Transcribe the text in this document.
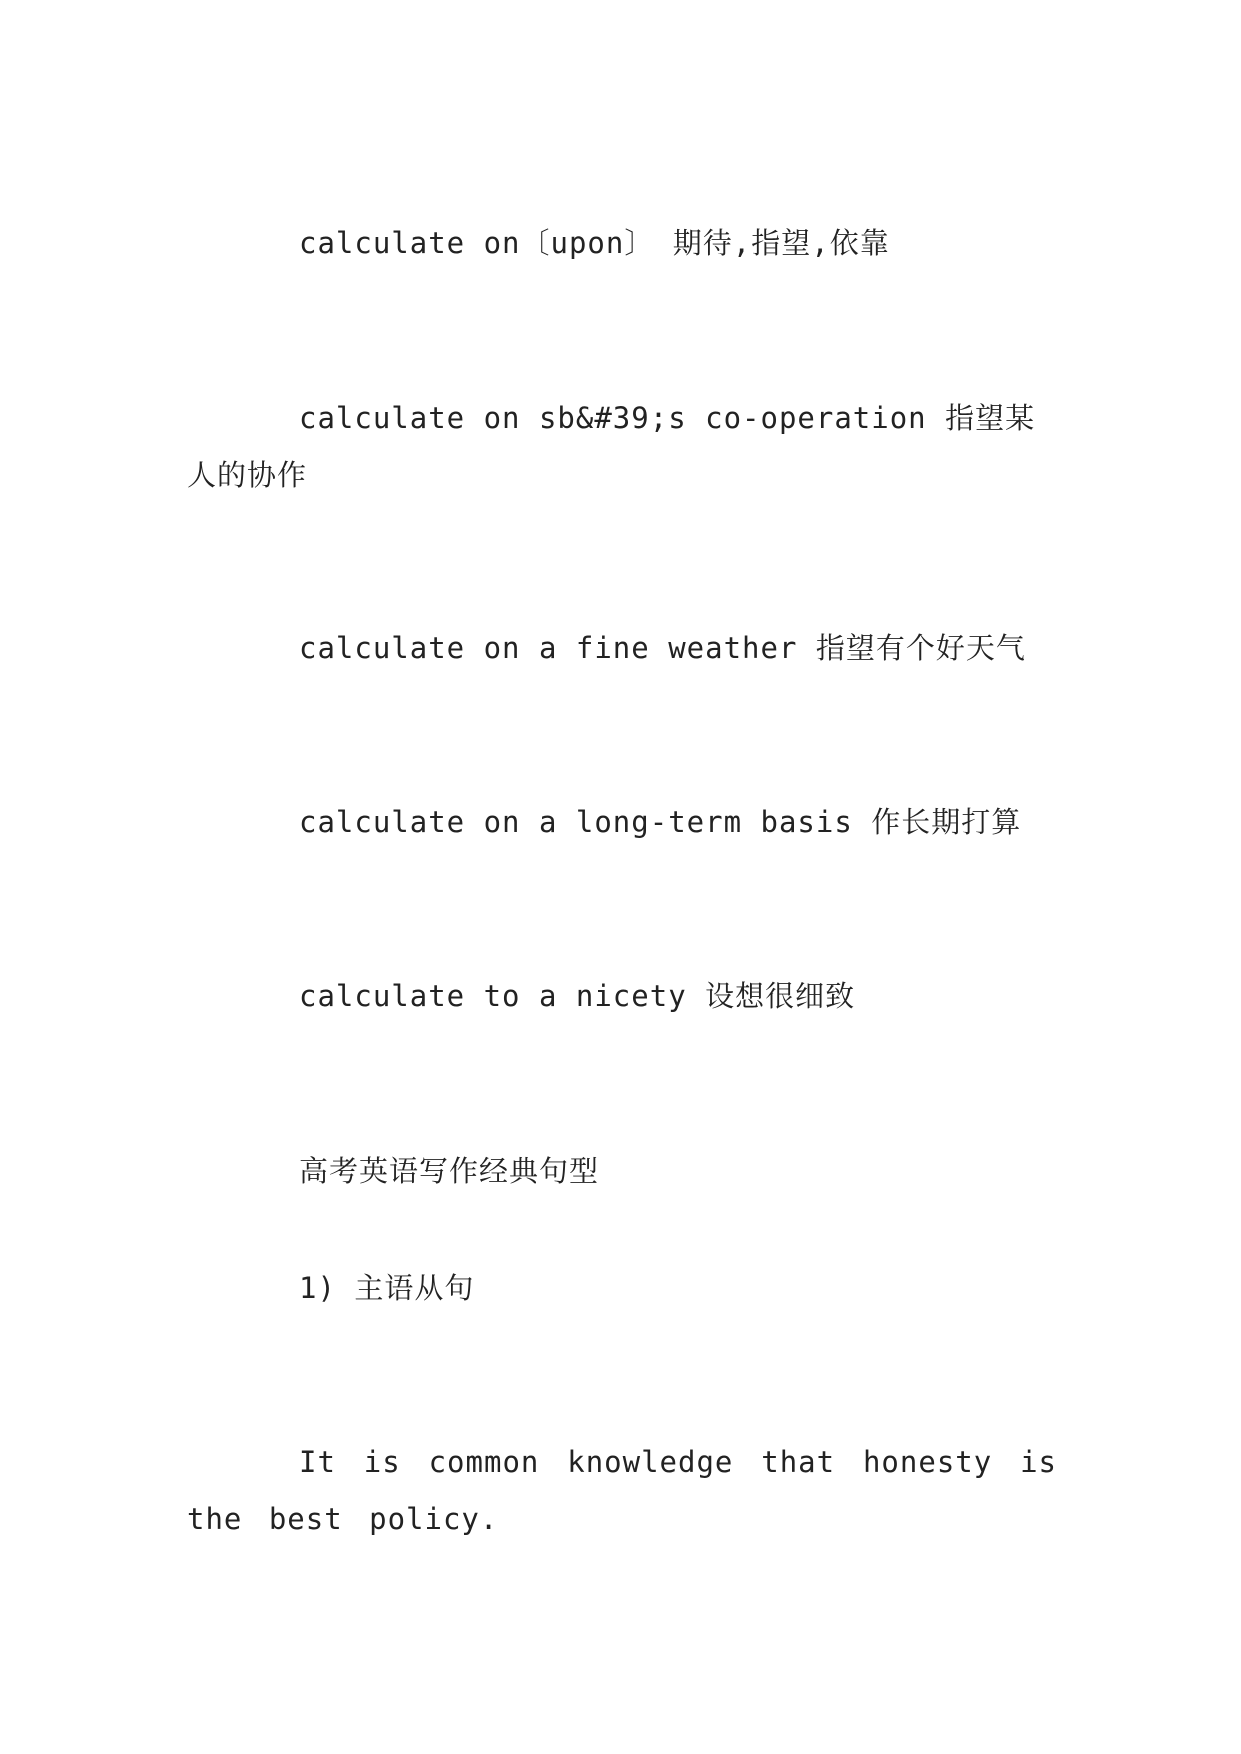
calculate on〔upon〕 期待,指望,依靠

calculate on sb&#39;s co-operation 指望某人的协作

calculate on a fine weather 指望有个好天气

calculate on a long-term basis 作长期打算

calculate to a nicety 设想很细致

高考英语写作经典句型

1) 主语从句

It is common knowledge that honesty is the best policy.
